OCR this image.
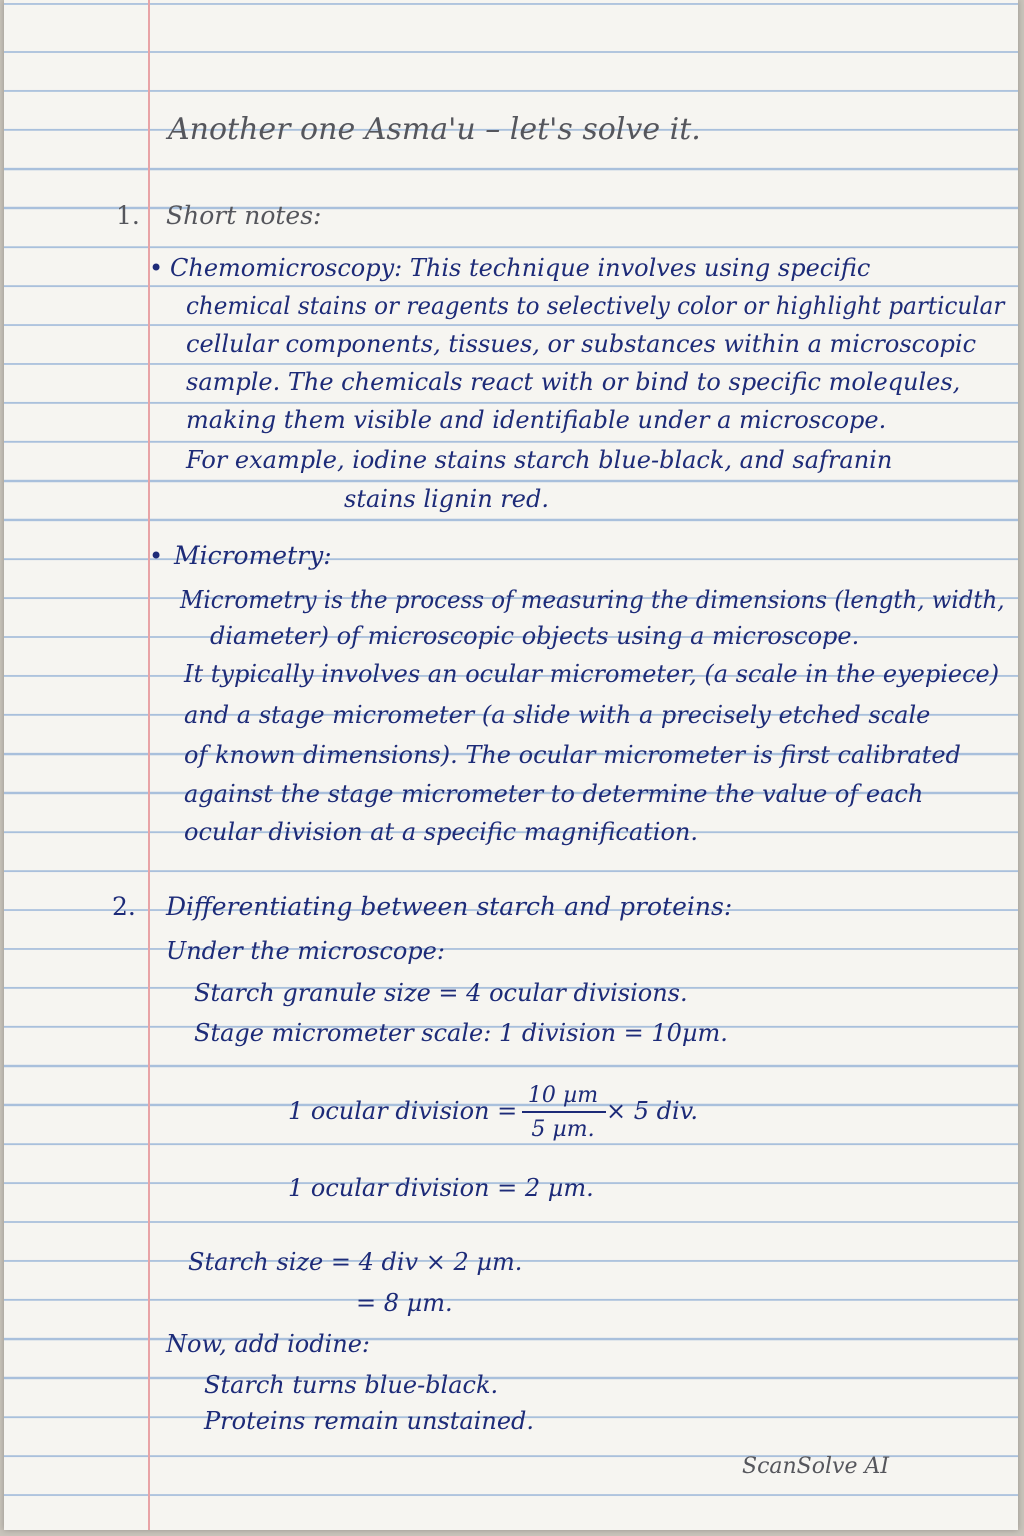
Another one Asma'u – let's solve it.
1. Short notes:
• Chemomicroscopy: This technique involves using specific
chemical stains or reagents to selectively color or highlight particular
cellular components, tissues, or substances within a microscopic
sample. The chemicals react with or bind to specific molequles,
making them visible and identifiable under a microscope.
For example, iodine stains starch blue-black, and safranin
stains lignin red.
• Micrometry:
Micrometry is the process of measuring the dimensions (length, width,
diameter) of microscopic objects using a microscope.
It typically involves an ocular micrometer, (a scale in the eyepiece)
and a stage micrometer (a slide with a precisely etched scale
of known dimensions). The ocular micrometer is first calibrated
against the stage micrometer to determine the value of each
ocular division at a specific magnification.
2. Differentiating between starch and proteins:
Under the microscope:
Starch granule size = 4 ocular divisions.
Stage micrometer scale: 1 division = 10µm.
1 ocular division =
10 µm
5 µm.
× 5 div.
1 ocular division = 2 µm.
Starch size = 4 div × 2 µm.
= 8 µm.
Now, add iodine:
Starch turns blue-black.
Proteins remain unstained.
ScanSolve AI
